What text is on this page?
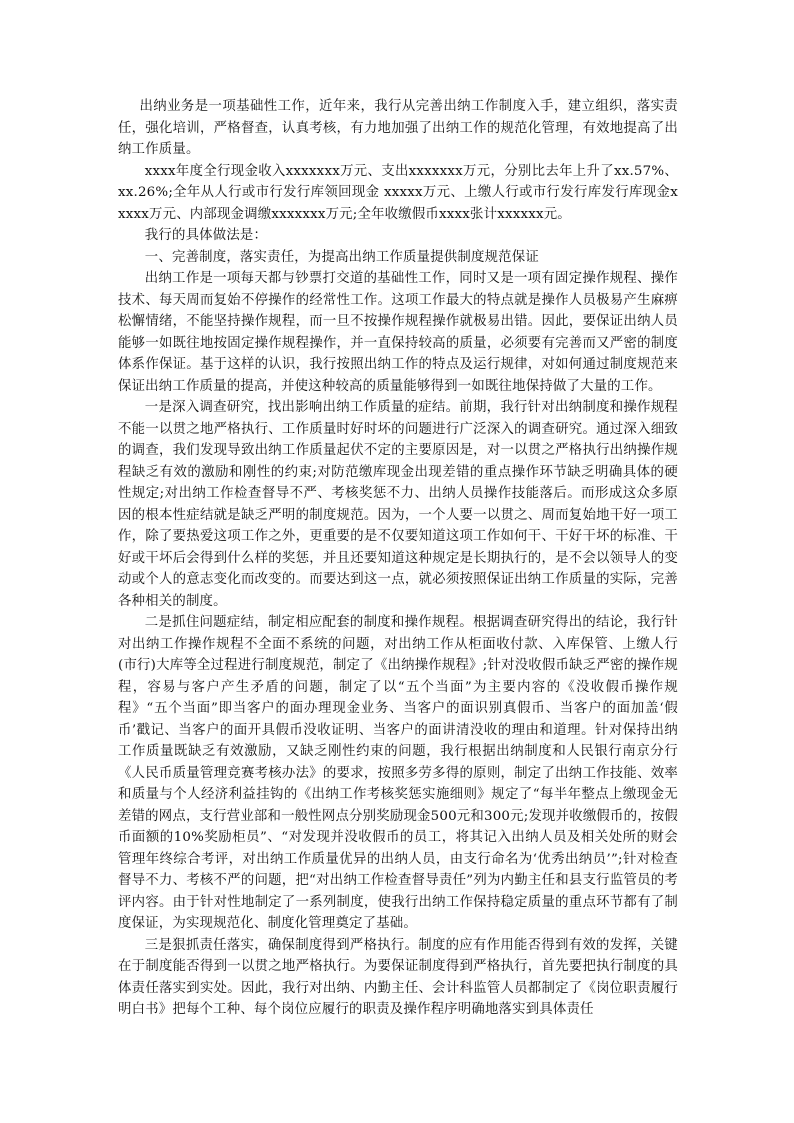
出纳业务是一项基础性工作，近年来，我行从完善出纳工作制度入手，建立组织，落实责任，强化培训，严格督查，认真考核，有力地加强了出纳工作的规范化管理，有效地提高了出纳工作质量。

xxxx年度全行现金收入xxxxxxx万元、支出xxxxxxx万元，分别比去年上升了xx.57%、xx.26%;全年从人行或市行发行库领回现金 xxxxx万元、上缴人行或市行发行库发行库现金xxxxx万元、内部现金调缴xxxxxxx万元;全年收缴假币xxxx张计xxxxxx元。

我行的具体做法是：

一、完善制度，落实责任，为提高出纳工作质量提供制度规范保证

出纳工作是一项每天都与钞票打交道的基础性工作，同时又是一项有固定操作规程、操作技术、每天周而复始不停操作的经常性工作。这项工作最大的特点就是操作人员极易产生麻痹松懈情绪，不能坚持操作规程，而一旦不按操作规程操作就极易出错。因此，要保证出纳人员能够一如既往地按固定操作规程操作，并一直保持较高的质量，必须要有完善而又严密的制度体系作保证。基于这样的认识，我行按照出纳工作的特点及运行规律，对如何通过制度规范来保证出纳工作质量的提高，并使这种较高的质量能够得到一如既往地保持做了大量的工作。

一是深入调查研究，找出影响出纳工作质量的症结。前期，我行针对出纳制度和操作规程不能一以贯之地严格执行、工作质量时好时坏的问题进行广泛深入的调查研究。通过深入细致的调查，我们发现导致出纳工作质量起伏不定的主要原因是，对一以贯之严格执行出纳操作规程缺乏有效的激励和刚性的约束;对防范缴库现金出现差错的重点操作环节缺乏明确具体的硬性规定;对出纳工作检查督导不严、考核奖惩不力、出纳人员操作技能落后。而形成这众多原因的根本性症结就是缺乏严明的制度规范。因为，一个人要一以贯之、周而复始地干好一项工作，除了要热爱这项工作之外，更重要的是不仅要知道这项工作如何干、干好干坏的标准、干好或干坏后会得到什么样的奖惩，并且还要知道这种规定是长期执行的，是不会以领导人的变动或个人的意志变化而改变的。而要达到这一点，就必须按照保证出纳工作质量的实际，完善各种相关的制度。

二是抓住问题症结，制定相应配套的制度和操作规程。根据调查研究得出的结论，我行针对出纳工作操作规程不全面不系统的问题，对出纳工作从柜面收付款、入库保管、上缴人行(市行)大库等全过程进行制度规范，制定了《出纳操作规程》;针对没收假币缺乏严密的操作规程，容易与客户产生矛盾的问题，制定了以“五个当面”为主要内容的《没收假币操作规程》“五个当面”即当客户的面办理现金业务、当客户的面识别真假币、当客户的面加盖‘假币’戳记、当客户的面开具假币没收证明、当客户的面讲清没收的理由和道理。针对保持出纳工作质量既缺乏有效激励，又缺乏刚性约束的问题，我行根据出纳制度和人民银行南京分行《人民币质量管理竞赛考核办法》的要求，按照多劳多得的原则，制定了出纳工作技能、效率和质量与个人经济利益挂钩的《出纳工作考核奖惩实施细则》规定了“每半年整点上缴现金无差错的网点，支行营业部和一般性网点分别奖励现金500元和300元;发现并收缴假币的，按假币面额的10%奖励柜员”、“对发现并没收假币的员工，将其记入出纳人员及相关处所的财会管理年终综合考评，对出纳工作质量优异的出纳人员，由支行命名为‘优秀出纳员’”;针对检查督导不力、考核不严的问题，把“对出纳工作检查督导责任”列为内勤主任和县支行监管员的考评内容。由于针对性地制定了一系列制度，使我行出纳工作保持稳定质量的重点环节都有了制度保证，为实现规范化、制度化管理奠定了基础。

三是狠抓责任落实，确保制度得到严格执行。制度的应有作用能否得到有效的发挥，关键在于制度能否得到一以贯之地严格执行。为要保证制度得到严格执行，首先要把执行制度的具体责任落实到实处。因此，我行对出纳、内勤主任、会计科监管人员都制定了《岗位职责履行明白书》把每个工种、每个岗位应履行的职责及操作程序明确地落实到具体责任
